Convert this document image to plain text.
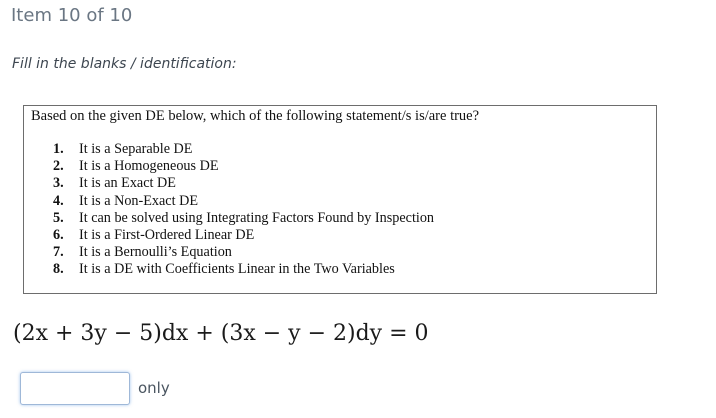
Item 10 of 10
Fill in the blanks / identification:
Based on the given DE below, which of the following statement/s is/are true?
1. It is a Separable DE
2. It is a Homogeneous DE
3. It is an Exact DE
4. It is a Non-Exact DE
5. It can be solved using Integrating Factors Found by Inspection
6. It is a First-Ordered Linear DE
7. It is a Bernoulli’s Equation
8. It is a DE with Coefficients Linear in the Two Variables
(2x + 3y − 5)dx + (3x − y − 2)dy = 0
only
